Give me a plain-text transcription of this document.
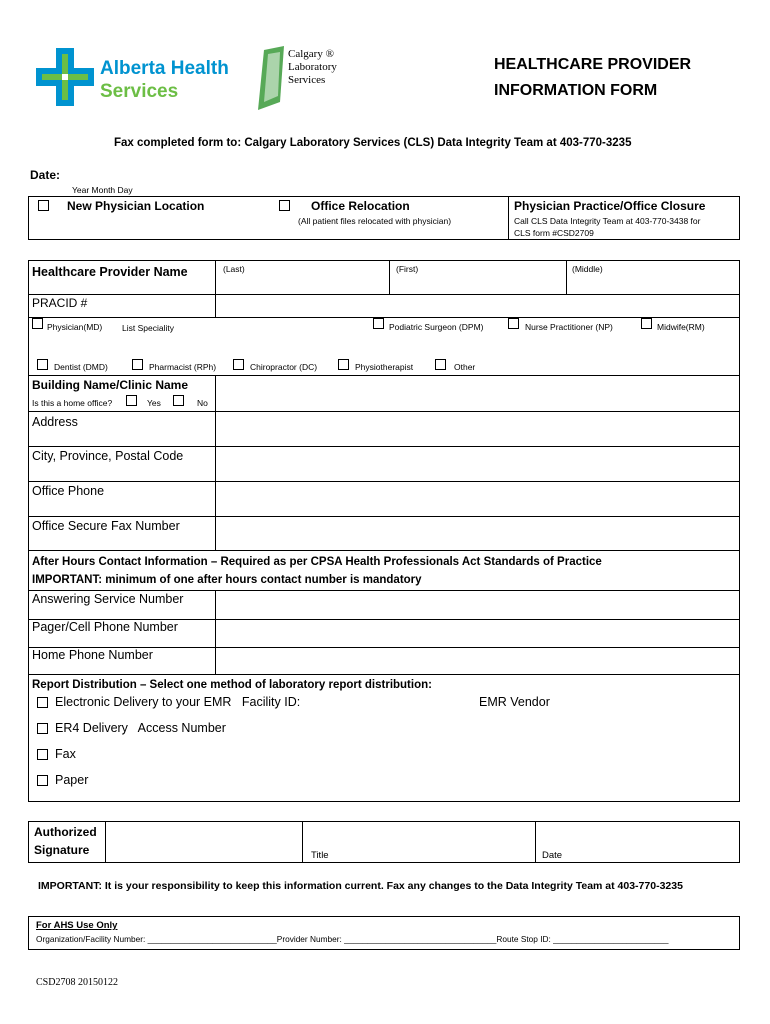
Alberta Health
Services
Calgary ®
Laboratory
Services
HEALTHCARE PROVIDER
INFORMATION FORM
Fax completed form to: Calgary Laboratory Services (CLS) Data Integrity Team at 403-770-3235
Date:
Year Month Day
New Physician Location	Office Relocation
(All patient files relocated with physician)
Physician Practice/Office Closure
Call CLS Data Integrity Team at 403-770-3438 for
CLS form #CSD2709
Healthcare Provider Name	(Last)	(First)	(Middle)
PRACID #
Physician(MD) List Speciality	Podiatric Surgeon (DPM)	Nurse Practitioner (NP)	Midwife(RM)
Dentist (DMD)	Pharmacist (RPh)	Chiropractor (DC)	Physiotherapist	Other
Building Name/Clinic Name
Is this a home office?	Yes	No
Address
City, Province, Postal Code
Office Phone
Office Secure Fax Number
After Hours Contact Information – Required as per CPSA Health Professionals Act Standards of Practice
IMPORTANT: minimum of one after hours contact number is mandatory
Answering Service Number
Pager/Cell Phone Number
Home Phone Number
Report Distribution – Select one method of laboratory report distribution:
Electronic Delivery to your EMR   Facility ID:	EMR Vendor
ER4 Delivery   Access Number
Fax
Paper
Authorized
Signature	Title	Date
IMPORTANT: It is your responsibility to keep this information current. Fax any changes to the Data Integrity Team at 403-770-3235
For AHS Use Only
Organization/Facility Number: ____________________________Provider Number: _________________________________Route Stop ID: _________________________
CSD2708 20150122
